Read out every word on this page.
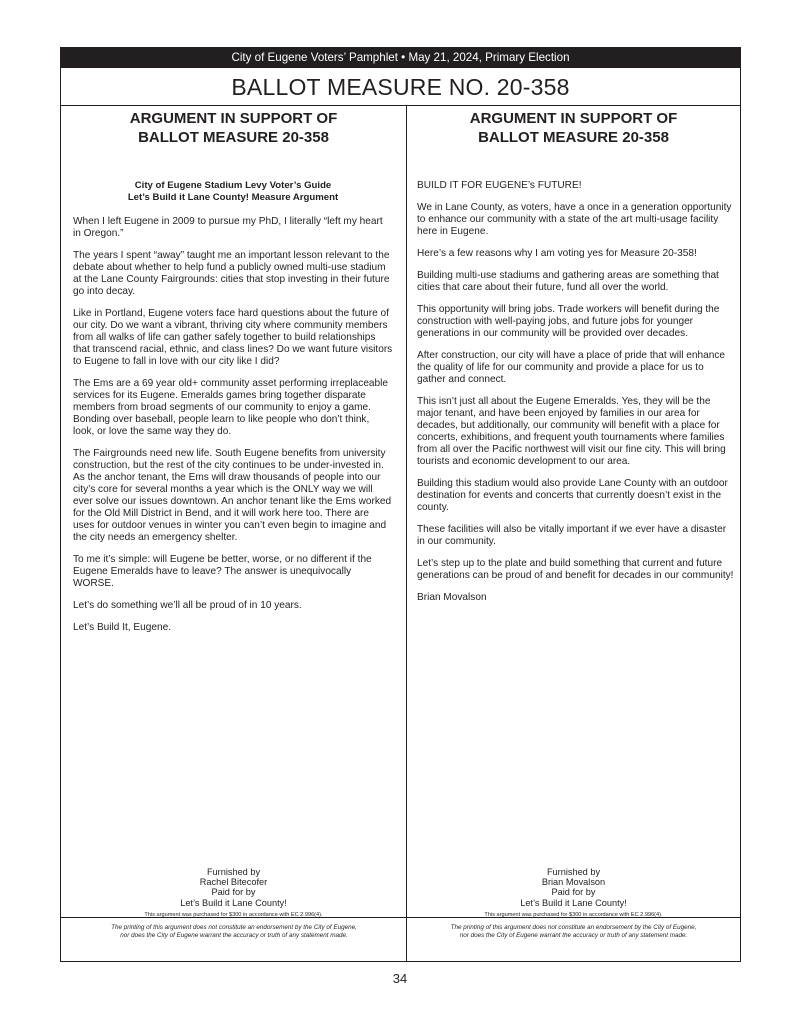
City of Eugene Voters’ Pamphlet • May 21, 2024, Primary Election
BALLOT MEASURE NO. 20-358
ARGUMENT IN SUPPORT OF
BALLOT MEASURE 20-358
City of Eugene Stadium Levy Voter’s Guide
Let’s Build it Lane County! Measure Argument

When I left Eugene in 2009 to pursue my PhD, I literally “left my heart in Oregon.”

The years I spent “away” taught me an important lesson relevant to the debate about whether to help fund a publicly owned multi-use stadium at the Lane County Fairgrounds: cities that stop investing in their future go into decay.

Like in Portland, Eugene voters face hard questions about the future of our city. Do we want a vibrant, thriving city where community members from all walks of life can gather safely together to build relationships that transcend racial, ethnic, and class lines? Do we want future visitors to Eugene to fall in love with our city like I did?

The Ems are a 69 year old+ community asset performing irreplaceable services for its Eugene. Emeralds games bring together disparate members from broad segments of our community to enjoy a game. Bonding over baseball, people learn to like people who don’t think, look, or love the same way they do.

The Fairgrounds need new life. South Eugene benefits from university construction, but the rest of the city continues to be under-invested in. As the anchor tenant, the Ems will draw thousands of people into our city’s core for several months a year which is the ONLY way we will ever solve our issues downtown. An anchor tenant like the Ems worked for the Old Mill District in Bend, and it will work here too. There are uses for outdoor venues in winter you can’t even begin to imagine and the city needs an emergency shelter.

To me it’s simple: will Eugene be better, worse, or no different if the Eugene Emeralds have to leave? The answer is unequivocally WORSE.

Let’s do something we’ll all be proud of in 10 years.

Let’s Build It, Eugene.

Furnished by
Rachel Bitecofer
Paid for by
Let’s Build it Lane County!
This argument was purchased for $300 in accordance with EC 2.996(4).
ARGUMENT IN SUPPORT OF
BALLOT MEASURE 20-358

BUILD IT FOR EUGENE’s FUTURE!

We in Lane County, as voters, have a once in a generation opportunity to enhance our community with a state of the art multi-usage facility here in Eugene.

Here’s a few reasons why I am voting yes for Measure 20-358!

Building multi-use stadiums and gathering areas are something that cities that care about their future, fund all over the world.

This opportunity will bring jobs. Trade workers will benefit during the construction with well-paying jobs, and future jobs for younger generations in our community will be provided over decades.

After construction, our city will have a place of pride that will enhance the quality of life for our community and provide a place for us to gather and connect.

This isn’t just all about the Eugene Emeralds. Yes, they will be the major tenant, and have been enjoyed by families in our area for decades, but additionally, our community will benefit with a place for concerts, exhibitions, and frequent youth tournaments where families from all over the Pacific northwest will visit our fine city. This will bring tourists and economic development to our area.

Building this stadium would also provide Lane County with an outdoor destination for events and concerts that currently doesn’t exist in the county.

These facilities will also be vitally important if we ever have a disaster in our community.

Let’s step up to the plate and build something that current and future generations can be proud of and benefit for decades in our community!

Brian Movalson

Furnished by
Brian Movalson
Paid for by
Let’s Build it Lane County!
This argument was purchased for $300 in accordance with EC 2.996(4).
The printing of this argument does not constitute an endorsement by the City of Eugene,
nor does the City of Eugene warrant the accuracy or truth of any statement made.
The printing of this argument does not constitute an endorsement by the City of Eugene,
nor does the City of Eugene warrant the accuracy or truth of any statement made.
34
